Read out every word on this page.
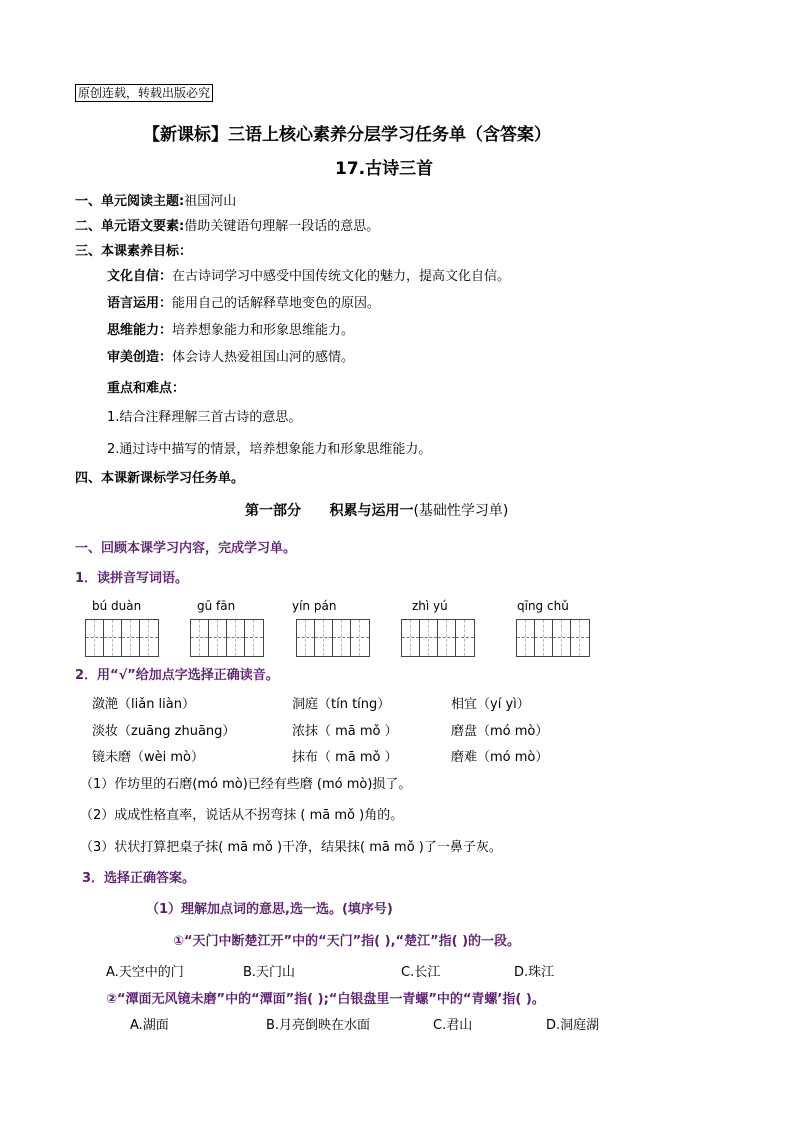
原创连载，转载出版必究
【新课标】三语上核心素养分层学习任务单（含答案）
17.古诗三首
一、单元阅读主题:祖国河山
二、单元语文要素:借助关键语句理解一段话的意思。
三、本课素养目标：
文化自信：在古诗词学习中感受中国传统文化的魅力，提高文化自信。
语言运用：能用自己的话解释草地变色的原因。
思维能力：培养想象能力和形象思维能力。
审美创造：体会诗人热爱祖国山河的感情。
重点和难点：
1.结合注释理解三首古诗的意思。
2.通过诗中描写的情景，培养想象能力和形象思维能力。
四、本课新课标学习任务单。
第一部分 积累与运用一(基础性学习单)
一、回顾本课学习内容，完成学习单。
1．读拼音写词语。
bú duàn	gū fān	yín pán	zhì yú	qīng chǔ
2．用“√”给加点字选择正确读音。
潋滟（liǎn liàn）	洞庭（tín tíng）	相宜（yí yì）
淡妆（zuāng zhuāng）	浓抹（ mā mǒ ）	磨盘（mó mò）
镜未磨（wèi mò）	抹布（ mā mǒ ）	磨难（mó mò）
（1）作坊里的石磨(mó mò)已经有些磨 (mó mò)损了。
（2）成成性格直率，说话从不拐弯抹 ( mā mǒ )角的。
（3）状状打算把桌子抹( mā mǒ )干净，结果抹( mā mǒ )了一鼻子灰。
3．选择正确答案。
（1）理解加点词的意思,选一选。(填序号)
①“天门中断楚江开”中的“天门”指( ),“楚江”指( )的一段。
A.天空中的门	B.天门山	C.长江	D.珠江
②“潭面无风镜未磨”中的“潭面”指( );“白银盘里一青螺”中的“青螺’指( )。
A.湖面	B.月亮倒映在水面	C.君山	D.洞庭湖
